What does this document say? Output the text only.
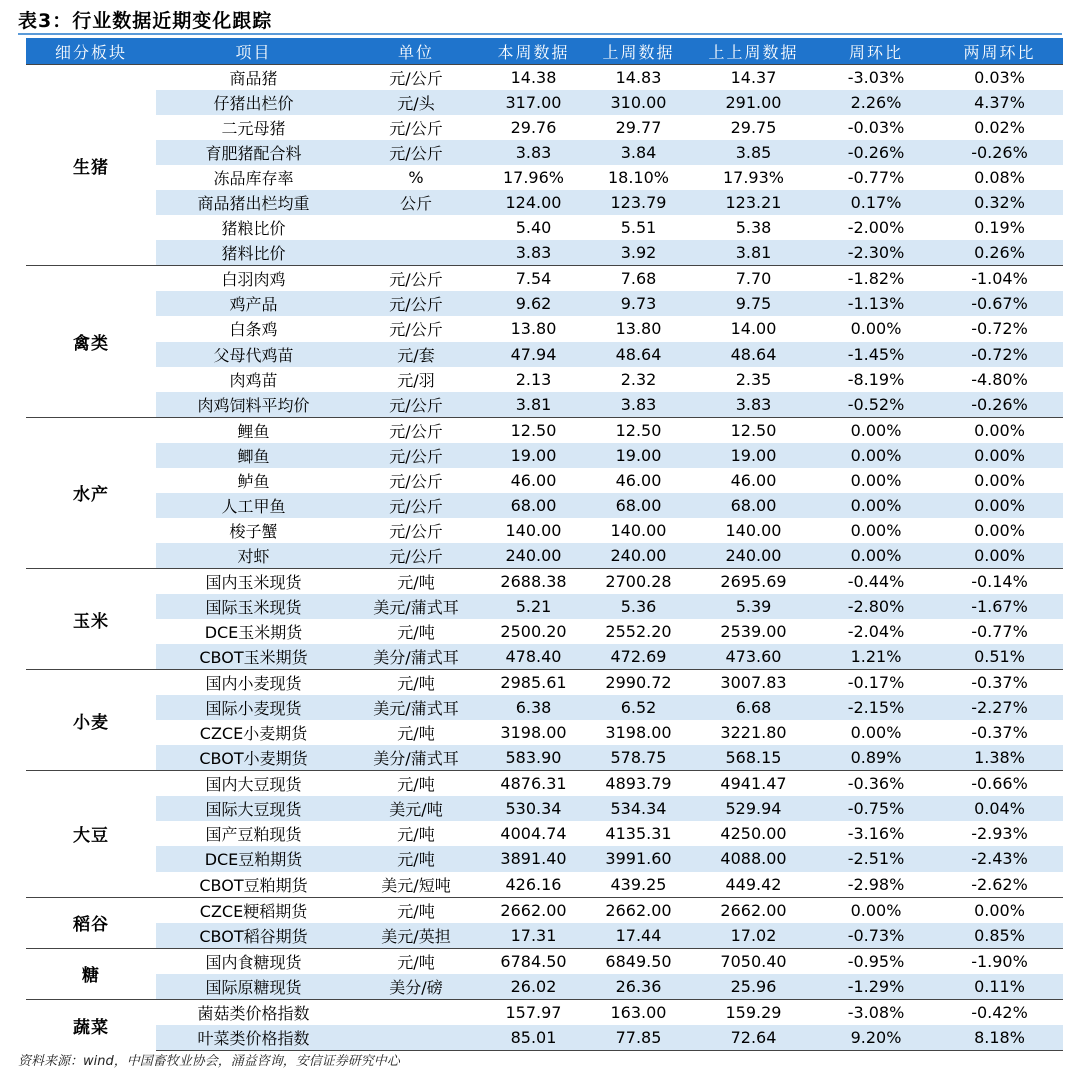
表3：行业数据近期变化跟踪
细分板块	项目	单位	本周数据	上周数据	上上周数据	周环比	两周环比
生猪	商品猪	元/公斤	14.38	14.83	14.37	-3.03%	0.03%
	仔猪出栏价	元/头	317.00	310.00	291.00	2.26%	4.37%
	二元母猪	元/公斤	29.76	29.77	29.75	-0.03%	0.02%
	育肥猪配合料	元/公斤	3.83	3.84	3.85	-0.26%	-0.26%
	冻品库存率	%	17.96%	18.10%	17.93%	-0.77%	0.08%
	商品猪出栏均重	公斤	124.00	123.79	123.21	0.17%	0.32%
	猪粮比价		5.40	5.51	5.38	-2.00%	0.19%
	猪料比价		3.83	3.92	3.81	-2.30%	0.26%
禽类	白羽肉鸡	元/公斤	7.54	7.68	7.70	-1.82%	-1.04%
	鸡产品	元/公斤	9.62	9.73	9.75	-1.13%	-0.67%
	白条鸡	元/公斤	13.80	13.80	14.00	0.00%	-0.72%
	父母代鸡苗	元/套	47.94	48.64	48.64	-1.45%	-0.72%
	肉鸡苗	元/羽	2.13	2.32	2.35	-8.19%	-4.80%
	肉鸡饲料平均价	元/公斤	3.81	3.83	3.83	-0.52%	-0.26%
水产	鲤鱼	元/公斤	12.50	12.50	12.50	0.00%	0.00%
	鲫鱼	元/公斤	19.00	19.00	19.00	0.00%	0.00%
	鲈鱼	元/公斤	46.00	46.00	46.00	0.00%	0.00%
	人工甲鱼	元/公斤	68.00	68.00	68.00	0.00%	0.00%
	梭子蟹	元/公斤	140.00	140.00	140.00	0.00%	0.00%
	对虾	元/公斤	240.00	240.00	240.00	0.00%	0.00%
玉米	国内玉米现货	元/吨	2688.38	2700.28	2695.69	-0.44%	-0.14%
	国际玉米现货	美元/蒲式耳	5.21	5.36	5.39	-2.80%	-1.67%
	DCE玉米期货	元/吨	2500.20	2552.20	2539.00	-2.04%	-0.77%
	CBOT玉米期货	美分/蒲式耳	478.40	472.69	473.60	1.21%	0.51%
小麦	国内小麦现货	元/吨	2985.61	2990.72	3007.83	-0.17%	-0.37%
	国际小麦现货	美元/蒲式耳	6.38	6.52	6.68	-2.15%	-2.27%
	CZCE小麦期货	元/吨	3198.00	3198.00	3221.80	0.00%	-0.37%
	CBOT小麦期货	美分/蒲式耳	583.90	578.75	568.15	0.89%	1.38%
大豆	国内大豆现货	元/吨	4876.31	4893.79	4941.47	-0.36%	-0.66%
	国际大豆现货	美元/吨	530.34	534.34	529.94	-0.75%	0.04%
	国产豆粕现货	元/吨	4004.74	4135.31	4250.00	-3.16%	-2.93%
	DCE豆粕期货	元/吨	3891.40	3991.60	4088.00	-2.51%	-2.43%
	CBOT豆粕期货	美元/短吨	426.16	439.25	449.42	-2.98%	-2.62%
稻谷	CZCE粳稻期货	元/吨	2662.00	2662.00	2662.00	0.00%	0.00%
	CBOT稻谷期货	美元/英担	17.31	17.44	17.02	-0.73%	0.85%
糖	国内食糖现货	元/吨	6784.50	6849.50	7050.40	-0.95%	-1.90%
	国际原糖现货	美分/磅	26.02	26.36	25.96	-1.29%	0.11%
蔬菜	菌菇类价格指数		157.97	163.00	159.29	-3.08%	-0.42%
	叶菜类价格指数		85.01	77.85	72.64	9.20%	8.18%
资料来源：wind，中国畜牧业协会，涌益咨询，安信证券研究中心
